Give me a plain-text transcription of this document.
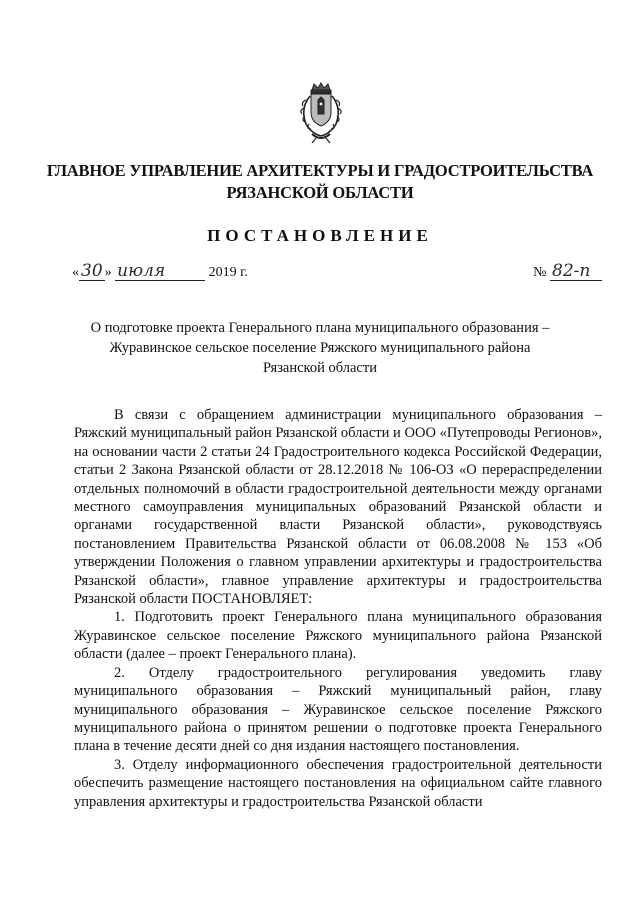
ГЛАВНОЕ УПРАВЛЕНИЕ АРХИТЕКТУРЫ И ГРАДОСТРОИТЕЛЬСТВА
РЯЗАНСКОЙ ОБЛАСТИ
ПОСТАНОВЛЕНИЕ
« 30 » июля	2019 г.	№ 82-п
О подготовке проекта Генерального плана муниципального образования –
Журавинское сельское поселение Ряжского муниципального района
Рязанской области

В связи с обращением администрации муниципального образования – Ряжский муниципальный район Рязанской области и ООО «Путепроводы Регионов», на основании части 2 статьи 24 Градостроительного кодекса Российской Федерации, статьи 2 Закона Рязанской области от 28.12.2018 № 106-ОЗ «О перераспределении отдельных полномочий в области градостроительной деятельности между органами местного самоуправления муниципальных образований Рязанской области и органами государственной власти Рязанской области», руководствуясь постановлением Правительства Рязанской области от 06.08.2008 № 153 «Об утверждении Положения о главном управлении архитектуры и градостроительства Рязанской области», главное управление архитектуры и градостроительства Рязанской области ПОСТАНОВЛЯЕТ:

1. Подготовить проект Генерального плана муниципального образования Журавинское сельское поселение Ряжского муниципального района Рязанской области (далее – проект Генерального плана).

2. Отделу градостроительного регулирования уведомить главу муниципального образования – Ряжский муниципальный район, главу муниципального образования – Журавинское сельское поселение Ряжского муниципального района о принятом решении о подготовке проекта Генерального плана в течение десяти дней со дня издания настоящего постановления.

3. Отделу информационного обеспечения градостроительной деятельности обеспечить размещение настоящего постановления на официальном сайте главного управления архитектуры и градостроительства Рязанской области
